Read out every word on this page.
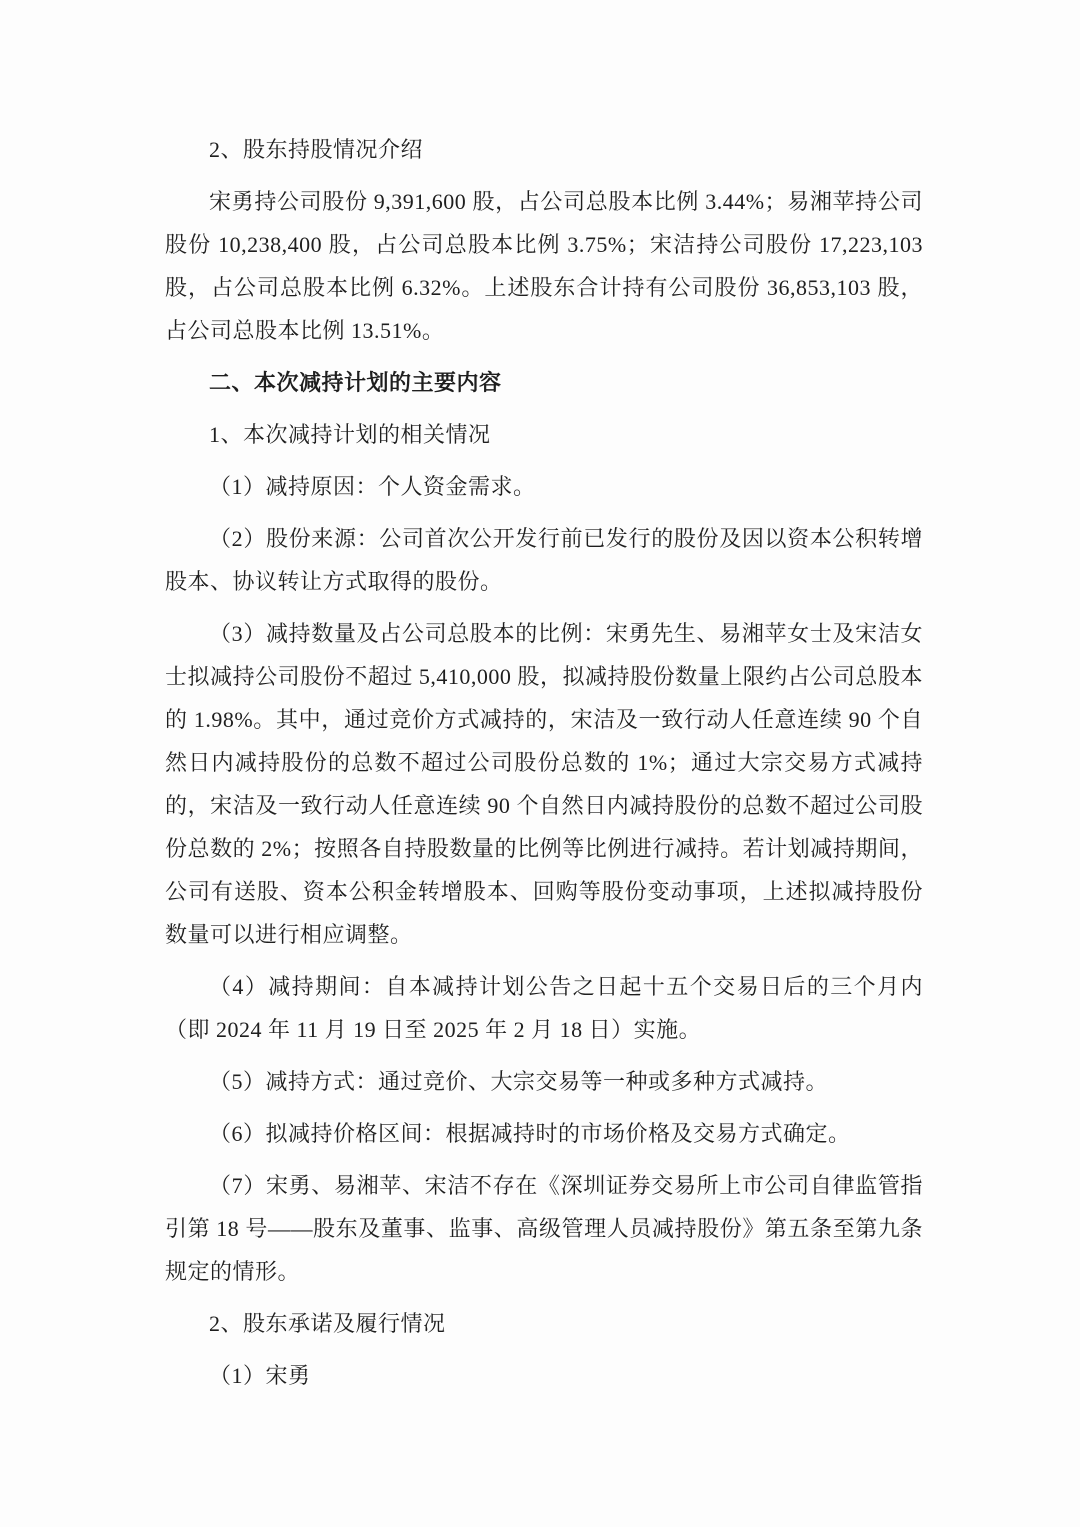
2、股东持股情况介绍

宋勇持公司股份 9,391,600 股，占公司总股本比例 3.44%；易湘苹持公司股份 10,238,400 股，占公司总股本比例 3.75%；宋洁持公司股份 17,223,103 股，占公司总股本比例 6.32%。上述股东合计持有公司股份 36,853,103 股，占公司总股本比例 13.51%。

二、本次减持计划的主要内容

1、本次减持计划的相关情况

（1）减持原因：个人资金需求。

（2）股份来源：公司首次公开发行前已发行的股份及因以资本公积转增股本、协议转让方式取得的股份。

（3）减持数量及占公司总股本的比例：宋勇先生、易湘苹女士及宋洁女士拟减持公司股份不超过 5,410,000 股，拟减持股份数量上限约占公司总股本的 1.98%。其中，通过竞价方式减持的，宋洁及一致行动人任意连续 90 个自然日内减持股份的总数不超过公司股份总数的 1%；通过大宗交易方式减持的，宋洁及一致行动人任意连续 90 个自然日内减持股份的总数不超过公司股份总数的 2%；按照各自持股数量的比例等比例进行减持。若计划减持期间，公司有送股、资本公积金转增股本、回购等股份变动事项，上述拟减持股份数量可以进行相应调整。

（4）减持期间：自本减持计划公告之日起十五个交易日后的三个月内（即 2024 年 11 月 19 日至 2025 年 2 月 18 日）实施。

（5）减持方式：通过竞价、大宗交易等一种或多种方式减持。

（6）拟减持价格区间：根据减持时的市场价格及交易方式确定。

（7）宋勇、易湘苹、宋洁不存在《深圳证券交易所上市公司自律监管指引第 18 号——股东及董事、监事、高级管理人员减持股份》第五条至第九条规定的情形。

2、股东承诺及履行情况

（1）宋勇
